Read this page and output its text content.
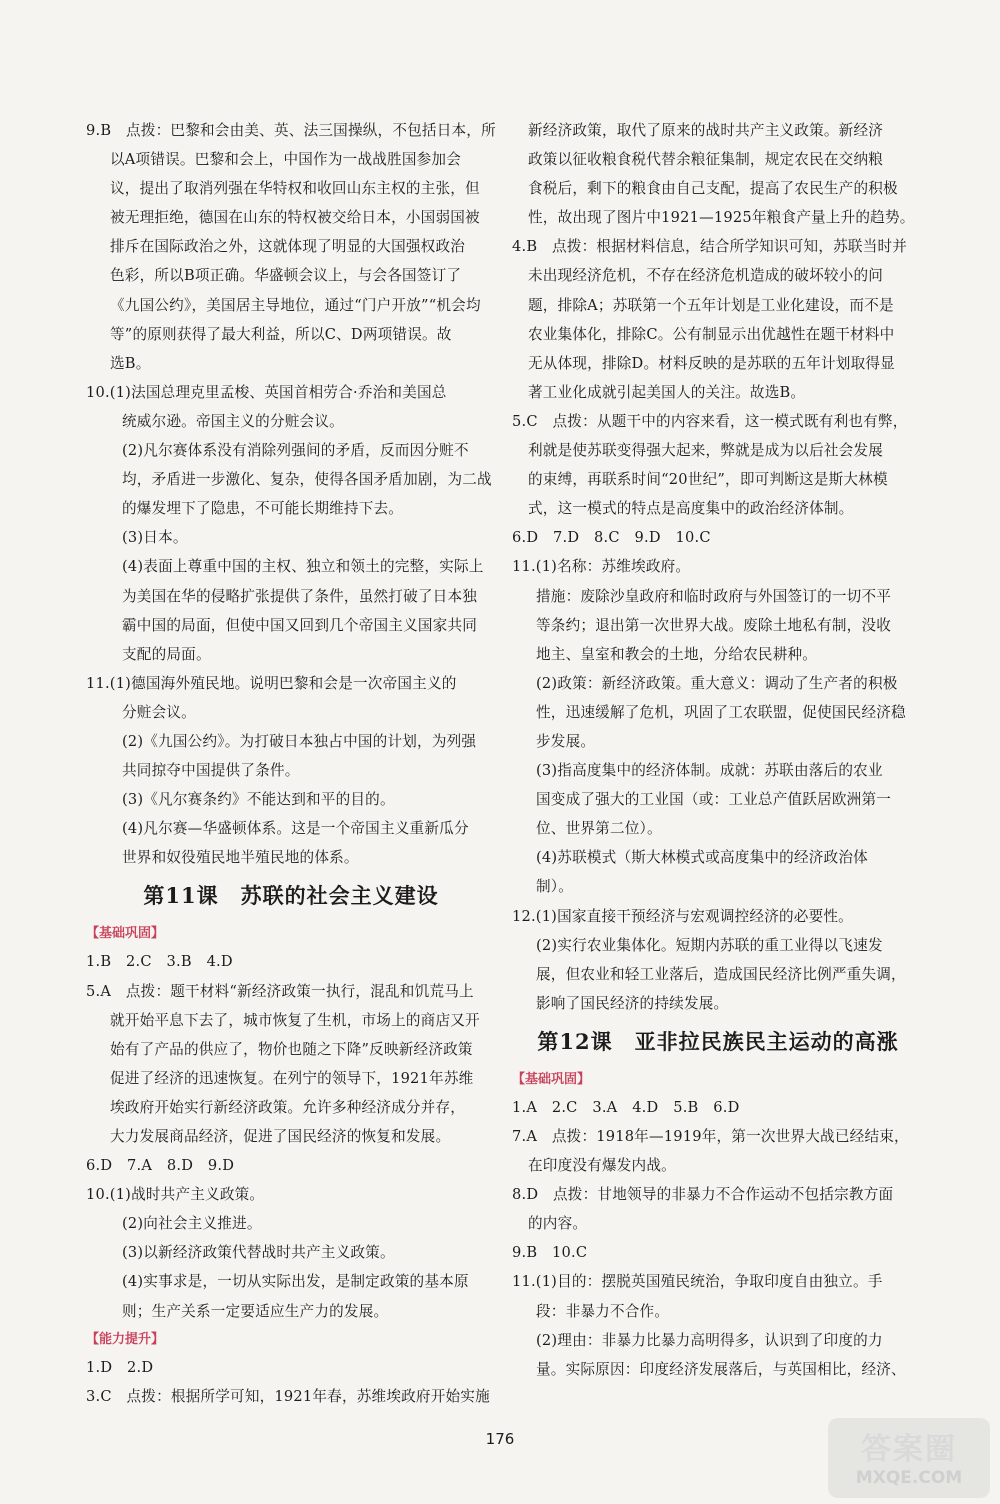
9.B　点拨：巴黎和会由美、英、法三国操纵，不包括日本，所
以A项错误。巴黎和会上，中国作为一战战胜国参加会
议，提出了取消列强在华特权和收回山东主权的主张，但
被无理拒绝，德国在山东的特权被交给日本，小国弱国被
排斥在国际政治之外，这就体现了明显的大国强权政治
色彩，所以B项正确。华盛顿会议上，与会各国签订了
《九国公约》，美国居主导地位，通过“门户开放”“机会均
等”的原则获得了最大利益，所以C、D两项错误。故
选B。
10.(1)法国总理克里孟梭、英国首相劳合·乔治和美国总
统威尔逊。帝国主义的分赃会议。
(2)凡尔赛体系没有消除列强间的矛盾，反而因分赃不
均，矛盾进一步激化、复杂，使得各国矛盾加剧，为二战
的爆发埋下了隐患，不可能长期维持下去。
(3)日本。
(4)表面上尊重中国的主权、独立和领土的完整，实际上
为美国在华的侵略扩张提供了条件，虽然打破了日本独
霸中国的局面，但使中国又回到几个帝国主义国家共同
支配的局面。
11.(1)德国海外殖民地。说明巴黎和会是一次帝国主义的
分赃会议。
(2)《九国公约》。为打破日本独占中国的计划，为列强
共同掠夺中国提供了条件。
(3)《凡尔赛条约》不能达到和平的目的。
(4)凡尔赛—华盛顿体系。这是一个帝国主义重新瓜分
世界和奴役殖民地半殖民地的体系。
第11课 苏联的社会主义建设
【基础巩固】
1.B　2.C　3.B　4.D
5.A　点拨：题干材料“新经济政策一执行，混乱和饥荒马上
就开始平息下去了，城市恢复了生机，市场上的商店又开
始有了产品的供应了，物价也随之下降”反映新经济政策
促进了经济的迅速恢复。在列宁的领导下，1921年苏维
埃政府开始实行新经济政策。允许多种经济成分并存，
大力发展商品经济，促进了国民经济的恢复和发展。
6.D　7.A　8.D　9.D
10.(1)战时共产主义政策。
(2)向社会主义推进。
(3)以新经济政策代替战时共产主义政策。
(4)实事求是，一切从实际出发，是制定政策的基本原
则；生产关系一定要适应生产力的发展。
【能力提升】
1.D　2.D
3.C　点拨：根据所学可知，1921年春，苏维埃政府开始实施
新经济政策，取代了原来的战时共产主义政策。新经济
政策以征收粮食税代替余粮征集制，规定农民在交纳粮
食税后，剩下的粮食由自己支配，提高了农民生产的积极
性，故出现了图片中1921—1925年粮食产量上升的趋势。
4.B　点拨：根据材料信息，结合所学知识可知，苏联当时并
未出现经济危机，不存在经济危机造成的破坏较小的问
题，排除A；苏联第一个五年计划是工业化建设，而不是
农业集体化，排除C。公有制显示出优越性在题干材料中
无从体现，排除D。材料反映的是苏联的五年计划取得显
著工业化成就引起美国人的关注。故选B。
5.C　点拨：从题干中的内容来看，这一模式既有利也有弊，
利就是使苏联变得强大起来，弊就是成为以后社会发展
的束缚，再联系时间“20世纪”，即可判断这是斯大林模
式，这一模式的特点是高度集中的政治经济体制。
6.D　7.D　8.C　9.D　10.C
11.(1)名称：苏维埃政府。
措施：废除沙皇政府和临时政府与外国签订的一切不平
等条约；退出第一次世界大战。废除土地私有制，没收
地主、皇室和教会的土地，分给农民耕种。
(2)政策：新经济政策。重大意义：调动了生产者的积极
性，迅速缓解了危机，巩固了工农联盟，促使国民经济稳
步发展。
(3)指高度集中的经济体制。成就：苏联由落后的农业
国变成了强大的工业国（或：工业总产值跃居欧洲第一
位、世界第二位）。
(4)苏联模式（斯大林模式或高度集中的经济政治体
制）。
12.(1)国家直接干预经济与宏观调控经济的必要性。
(2)实行农业集体化。短期内苏联的重工业得以飞速发
展，但农业和轻工业落后，造成国民经济比例严重失调，
影响了国民经济的持续发展。
第12课 亚非拉民族民主运动的高涨
【基础巩固】
1.A　2.C　3.A　4.D　5.B　6.D
7.A　点拨：1918年—1919年，第一次世界大战已经结束，
在印度没有爆发内战。
8.D　点拨：甘地领导的非暴力不合作运动不包括宗教方面
的内容。
9.B　10.C
11.(1)目的：摆脱英国殖民统治，争取印度自由独立。手
段：非暴力不合作。
(2)理由：非暴力比暴力高明得多，认识到了印度的力
量。实际原因：印度经济发展落后，与英国相比，经济、
176	答案圈
MXQE.COM
